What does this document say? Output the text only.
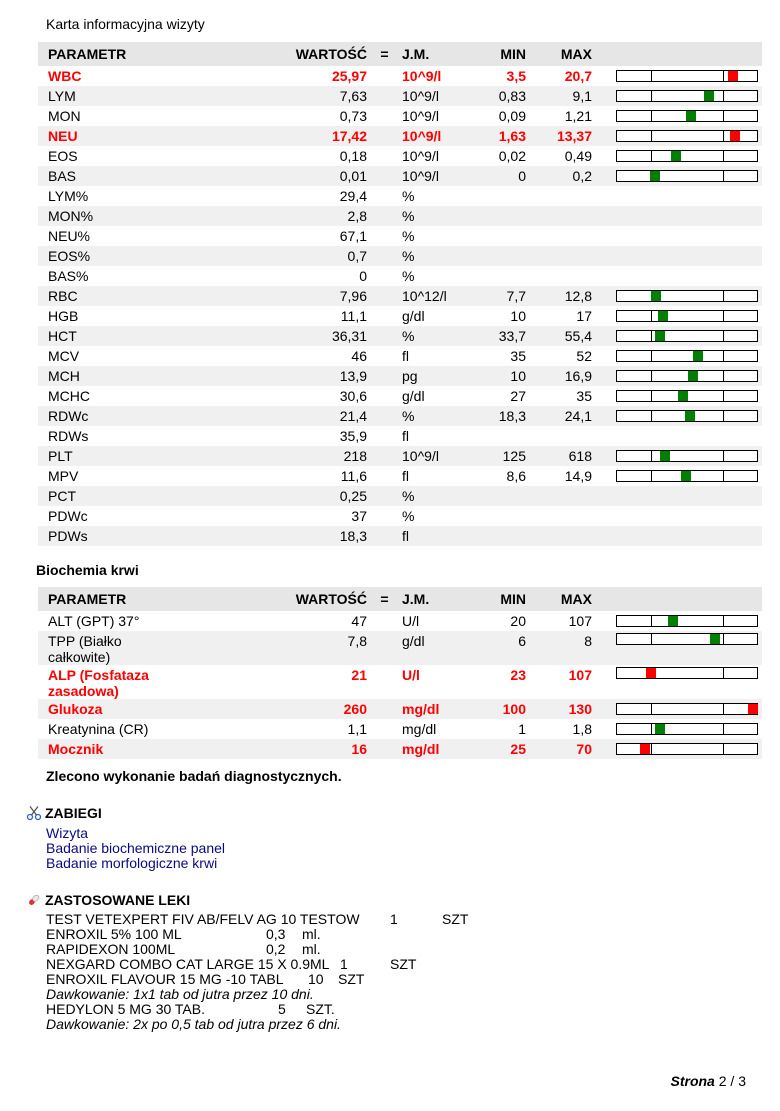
Karta informacyjna wizyty
PARAMETR	WARTOŚĆ	=	J.M.	MIN	MAX	
WBC	25,97		10^9/l	3,5	20,7	

LYM	7,63		10^9/l	0,83	9,1	

MON	0,73		10^9/l	0,09	1,21	

NEU	17,42		10^9/l	1,63	13,37	

EOS	0,18		10^9/l	0,02	0,49	

BAS	0,01		10^9/l	0	0,2	

LYM%	29,4		%			
MON%	2,8		%			
NEU%	67,1		%			
EOS%	0,7		%			
BAS%	0		%			
RBC	7,96		10^12/l	7,7	12,8	

HGB	11,1		g/dl	10	17	

HCT	36,31		%	33,7	55,4	

MCV	46		fl	35	52	

MCH	13,9		pg	10	16,9	

MCHC	30,6		g/dl	27	35	

RDWc	21,4		%	18,3	24,1	

RDWs	35,9		fl			
PLT	218		10^9/l	125	618	

MPV	11,6		fl	8,6	14,9	

PCT	0,25		%			
PDWc	37		%			
PDWs	18,3		fl			
Biochemia krwi
PARAMETR	WARTOŚĆ	=	J.M.	MIN	MAX	
ALT (GPT) 37°	47		U/l	20	107	

TPP (Białko
całkowite)	7,8		g/dl	6	8	

ALP (Fosfataza
zasadowa)	21		U/l	23	107	

Glukoza	260		mg/dl	100	130	

Kreatynina (CR)	1,1		mg/dl	1	1,8	

Mocznik	16		mg/dl	25	70	
Zlecono wykonanie badań diagnostycznych.
ZABIEGI
Wizyta
Badanie biochemiczne panel
Badanie morfologiczne krwi
ZASTOSOWANE LEKI
TEST VETEXPERT FIV AB/FELV AG 10 TESTOW 1	SZT
ENROXIL 5% 100 ML	0,3 ml.
RAPIDEXON 100ML	0,2 ml.
NEXGARD COMBO CAT LARGE 15 X 0.9ML 1	SZT
ENROXIL FLAVOUR 15 MG -10 TABL 10 SZT
Dawkowanie: 1x1 tab od jutra przez 10 dni.
HEDYLON 5 MG 30 TAB.	5 SZT.
Dawkowanie: 2x po 0,5 tab od jutra przez 6 dni.
Strona 2 / 3
